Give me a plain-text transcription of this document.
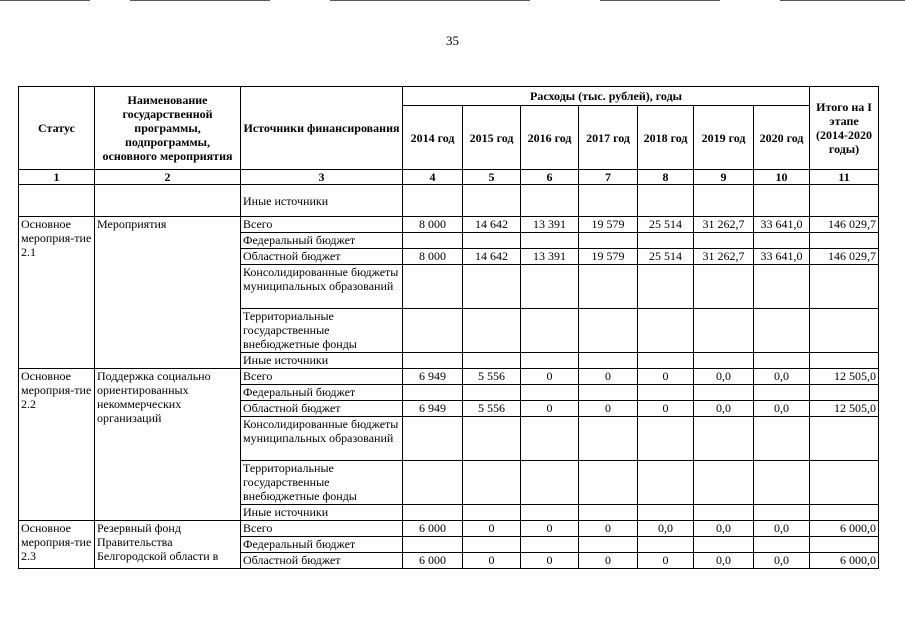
35
Статус	Наименование государственной программы, подпрограммы, основного мероприятия	Источники финансирования	Расходы (тыс. рублей), годы							Итого на I этапе (2014-2020 годы)
			2014 год	2015 год	2016 год	2017 год	2018 год	2019 год	2020 год	
1	2	3	4	5	6	7	8	9	10	11
		Иные источники								
Основное мероприя-тие 2.1	Мероприятия	Всего	8 000	14 642	13 391	19 579	25 514	31 262,7	33 641,0	146 029,7
		Федеральный бюджет								
		Областной бюджет	8 000	14 642	13 391	19 579	25 514	31 262,7	33 641,0	146 029,7
		Консолидированные бюджеты муниципальных образований								
		Территориальные государственные внебюджетные фонды								
		Иные источники								
Основное мероприя-тие 2.2	Поддержка социально ориентированных некоммерческих организаций	Всего	6 949	5 556	0	0	0	0,0	0,0	12 505,0
		Федеральный бюджет								
		Областной бюджет	6 949	5 556	0	0	0	0,0	0,0	12 505,0
		Консолидированные бюджеты муниципальных образований								
		Территориальные государственные внебюджетные фонды								
		Иные источники								
Основное мероприя-тие 2.3	Резервный фонд Правительства Белгородской области в	Всего	6 000	0	0	0	0,0	0,0	0,0	6 000,0
		Федеральный бюджет								
		Областной бюджет	6 000	0	0	0	0	0,0	0,0	6 000,0
